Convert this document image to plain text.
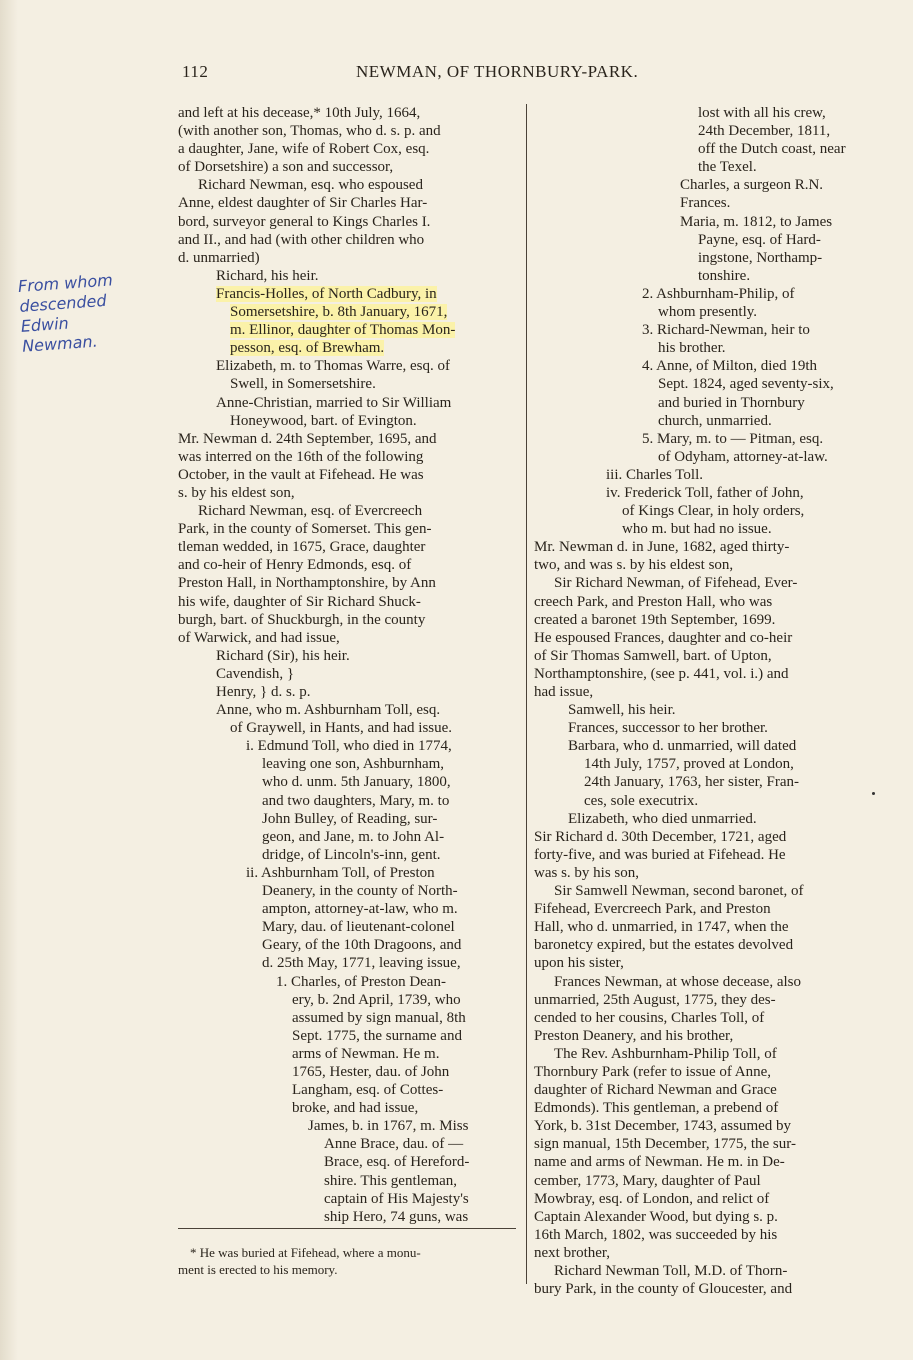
112	NEWMAN, OF THORNBURY-PARK.
From whom
descended
Edwin
Newman.
and left at his decease,* 10th July, 1664,
(with another son, Thomas, who d. s. p. and
a daughter, Jane, wife of Robert Cox, esq.
of Dorsetshire) a son and successor,
Richard Newman, esq. who espoused
Anne, eldest daughter of Sir Charles Har-
bord, surveyor general to Kings Charles I.
and II., and had (with other children who
d. unmarried)
Richard, his heir.
Francis-Holles, of North Cadbury, in
Somersetshire, b. 8th January, 1671,
m. Ellinor, daughter of Thomas Mon-
pesson, esq. of Brewham.
Elizabeth, m. to Thomas Warre, esq. of
Swell, in Somersetshire.
Anne-Christian, married to Sir William
Honeywood, bart. of Evington.
Mr. Newman d. 24th September, 1695, and
was interred on the 16th of the following
October, in the vault at Fifehead. He was
s. by his eldest son,
Richard Newman, esq. of Evercreech
Park, in the county of Somerset. This gen-
tleman wedded, in 1675, Grace, daughter
and co-heir of Henry Edmonds, esq. of
Preston Hall, in Northamptonshire, by Ann
his wife, daughter of Sir Richard Shuck-
burgh, bart. of Shuckburgh, in the county
of Warwick, and had issue,
Richard (Sir), his heir.
Cavendish, }
Henry, } d. s. p.
Anne, who m. Ashburnham Toll, esq.
of Graywell, in Hants, and had issue.
i. Edmund Toll, who died in 1774,
leaving one son, Ashburnham,
who d. unm. 5th January, 1800,
and two daughters, Mary, m. to
John Bulley, of Reading, sur-
geon, and Jane, m. to John Al-
dridge, of Lincoln's-inn, gent.
ii. Ashburnham Toll, of Preston
Deanery, in the county of North-
ampton, attorney-at-law, who m.
Mary, dau. of lieutenant-colonel
Geary, of the 10th Dragoons, and
d. 25th May, 1771, leaving issue,
1. Charles, of Preston Dean-
ery, b. 2nd April, 1739, who
assumed by sign manual, 8th
Sept. 1775, the surname and
arms of Newman. He m.
1765, Hester, dau. of John
Langham, esq. of Cottes-
broke, and had issue,
James, b. in 1767, m. Miss
Anne Brace, dau. of —
Brace, esq. of Hereford-
shire. This gentleman,
captain of His Majesty's
ship Hero, 74 guns, was
lost with all his crew,
24th December, 1811,
off the Dutch coast, near
the Texel.
Charles, a surgeon R.N.
Frances.
Maria, m. 1812, to James
Payne, esq. of Hard-
ingstone, Northamp-
tonshire.
2. Ashburnham-Philip, of
whom presently.
3. Richard-Newman, heir to
his brother.
4. Anne, of Milton, died 19th
Sept. 1824, aged seventy-six,
and buried in Thornbury
church, unmarried.
5. Mary, m. to — Pitman, esq.
of Odyham, attorney-at-law.
iii. Charles Toll.
iv. Frederick Toll, father of John,
of Kings Clear, in holy orders,
who m. but had no issue.
Mr. Newman d. in June, 1682, aged thirty-
two, and was s. by his eldest son,
Sir Richard Newman, of Fifehead, Ever-
creech Park, and Preston Hall, who was
created a baronet 19th September, 1699.
He espoused Frances, daughter and co-heir
of Sir Thomas Samwell, bart. of Upton,
Northamptonshire, (see p. 441, vol. i.) and
had issue,
Samwell, his heir.
Frances, successor to her brother.
Barbara, who d. unmarried, will dated
14th July, 1757, proved at London,
24th January, 1763, her sister, Fran-
ces, sole executrix.
Elizabeth, who died unmarried.
Sir Richard d. 30th December, 1721, aged
forty-five, and was buried at Fifehead. He
was s. by his son,
Sir Samwell Newman, second baronet, of
Fifehead, Evercreech Park, and Preston
Hall, who d. unmarried, in 1747, when the
baronetcy expired, but the estates devolved
upon his sister,
Frances Newman, at whose decease, also
unmarried, 25th August, 1775, they des-
cended to her cousins, Charles Toll, of
Preston Deanery, and his brother,
The Rev. Ashburnham-Philip Toll, of
Thornbury Park (refer to issue of Anne,
daughter of Richard Newman and Grace
Edmonds). This gentleman, a prebend of
York, b. 31st December, 1743, assumed by
sign manual, 15th December, 1775, the sur-
name and arms of Newman. He m. in De-
cember, 1773, Mary, daughter of Paul
Mowbray, esq. of London, and relict of
Captain Alexander Wood, but dying s. p.
16th March, 1802, was succeeded by his
next brother,
Richard Newman Toll, M.D. of Thorn-
bury Park, in the county of Gloucester, and
* He was buried at Fifehead, where a monu-
ment is erected to his memory.
